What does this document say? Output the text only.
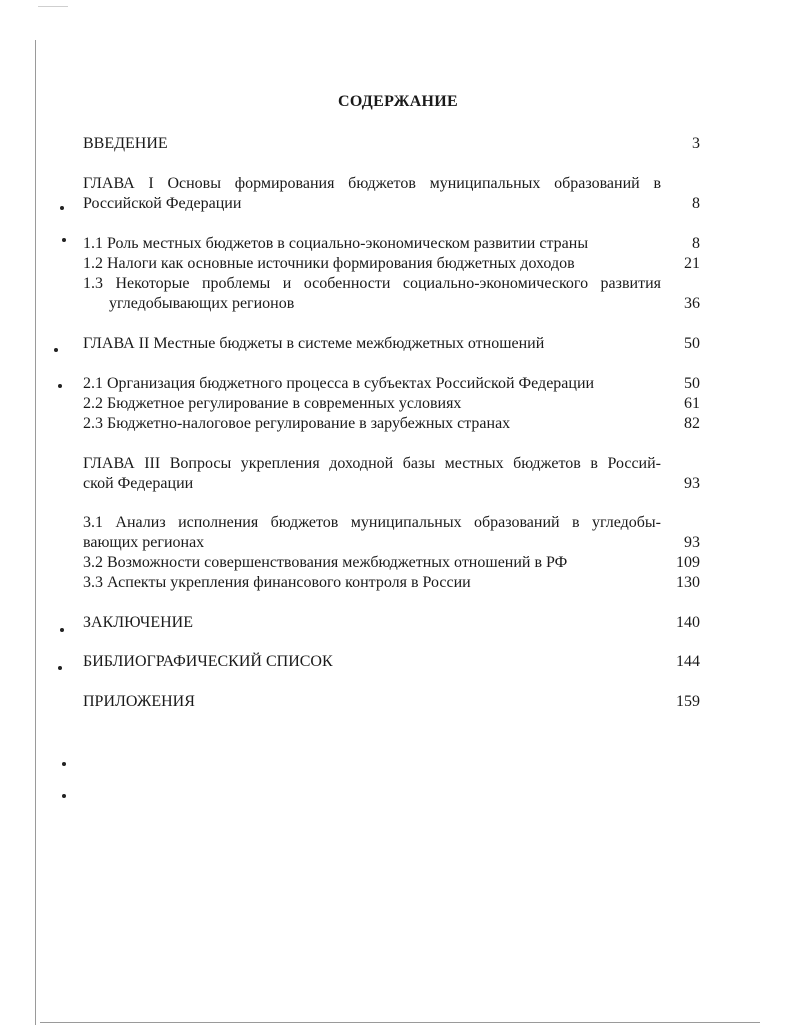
СОДЕРЖАНИЕ
ВВЕДЕНИЕ	3
ГЛАВА I Основы формирования бюджетов муниципальных образований в
Российской Федерации	8
1.1 Роль местных бюджетов в социально-экономическом развитии страны	8
1.2 Налоги как основные источники формирования бюджетных доходов	21
1.3 Некоторые проблемы и особенности социально-экономического развития
угледобывающих регионов	36
ГЛАВА II Местные бюджеты в системе межбюджетных отношений	50
2.1 Организация бюджетного процесса в субъектах Российской Федерации	50
2.2 Бюджетное регулирование в современных условиях	61
2.3 Бюджетно-налоговое регулирование в зарубежных странах	82
ГЛАВА III Вопросы укрепления доходной базы местных бюджетов в Россий-
ской Федерации	93
3.1 Анализ исполнения бюджетов муниципальных образований в угледобы-
вающих регионах	93
3.2 Возможности совершенствования межбюджетных отношений в РФ	109
3.3 Аспекты укрепления финансового контроля в России	130
ЗАКЛЮЧЕНИЕ	140
БИБЛИОГРАФИЧЕСКИЙ СПИСОК	144
ПРИЛОЖЕНИЯ	159
